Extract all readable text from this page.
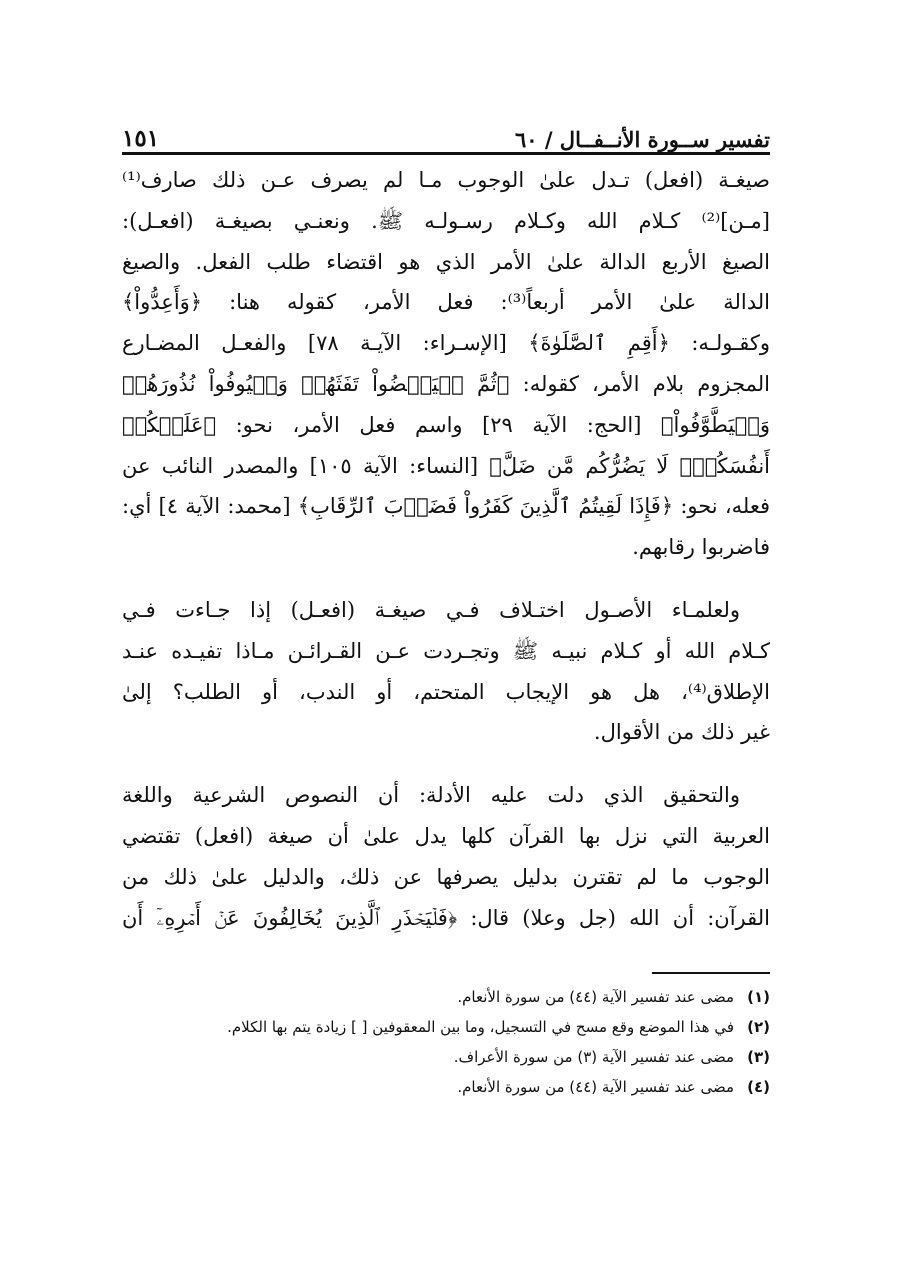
تفسير ســورة الأنــفــال / ٦٠
١٥١

صيغـة (افعل) تـدل علىٰ الوجوب مـا لم يصرف عـن ذلك صارف⁽¹⁾
[مـن]⁽²⁾ كـلام الله وكـلام رسـولـه ﷺ. ونعنـي بصيغـة (افعـل):
الصيغ الأربع الدالة علىٰ الأمر الذي هو اقتضاء طلب الفعل. والصيغ
الدالة علىٰ الأمر أربعاً⁽³⁾: فعل الأمر، كقوله هنا: ﴿وَأَعِدُّواْ﴾
وكقـولـه: ﴿أَقِمِ ٱلصَّلَوٰةَ﴾ [الإسـراء: الآيـة ٧٨] والفعـل المضـارع
المجزوم بلام الأمر، كقوله: ﴿ثُمَّ لۡيَقۡضُواْ تَفَثَهُمۡ وَلۡيُوفُواْ نُذُورَهُمۡ
وَلۡيَطَّوَّفُواْ﴾ [الحج: الآية ٢٩] واسم فعل الأمر، نحو: ﴿عَلَيۡكُمۡ
أَنفُسَكُمۡۖ لَا يَضُرُّكُم مَّن ضَلَّ﴾ [النساء: الآية ١٠٥] والمصدر النائب عن
فعله، نحو: ﴿فَإِذَا لَقِيتُمُ ٱلَّذِينَ كَفَرُواْ فَضَرۡبَ ٱلرِّقَابِ﴾ [محمد: الآية ٤] أي:
فاضربوا رقابهم.

ولعلمـاء الأصـول اختـلاف فـي صيغـة (افعـل) إذا جـاءت فـي
كـلام الله أو كـلام نبيـه ﷺ وتجـردت عـن القـرائـن مـاذا تفيـده عنـد
الإطلاق⁽⁴⁾، هل هو الإيجاب المتحتم، أو الندب، أو الطلب؟ إلىٰ
غير ذلك من الأقوال.

والتحقيق الذي دلت عليه الأدلة: أن النصوص الشرعية واللغة
العربية التي نزل بها القرآن كلها يدل علىٰ أن صيغة (افعل) تقتضي
الوجوب ما لم تقترن بدليل يصرفها عن ذلك، والدليل علىٰ ذلك من
القرآن: أن الله (جل وعلا) قال: ﴿فَلۡيَحۡذَرِ ٱلَّذِينَ يُخَالِفُونَ عَنۡ أَمۡرِهِۦٓ أَن

(١)
مضى عند تفسير الآية (٤٤) من سورة الأنعام.
(٢)
في هذا الموضع وقع مسح في التسجيل، وما بين المعقوفين [ ] زيادة يتم بها الكلام.
(٣)
مضى عند تفسير الآية (٣) من سورة الأعراف.
(٤)
مضى عند تفسير الآية (٤٤) من سورة الأنعام.
